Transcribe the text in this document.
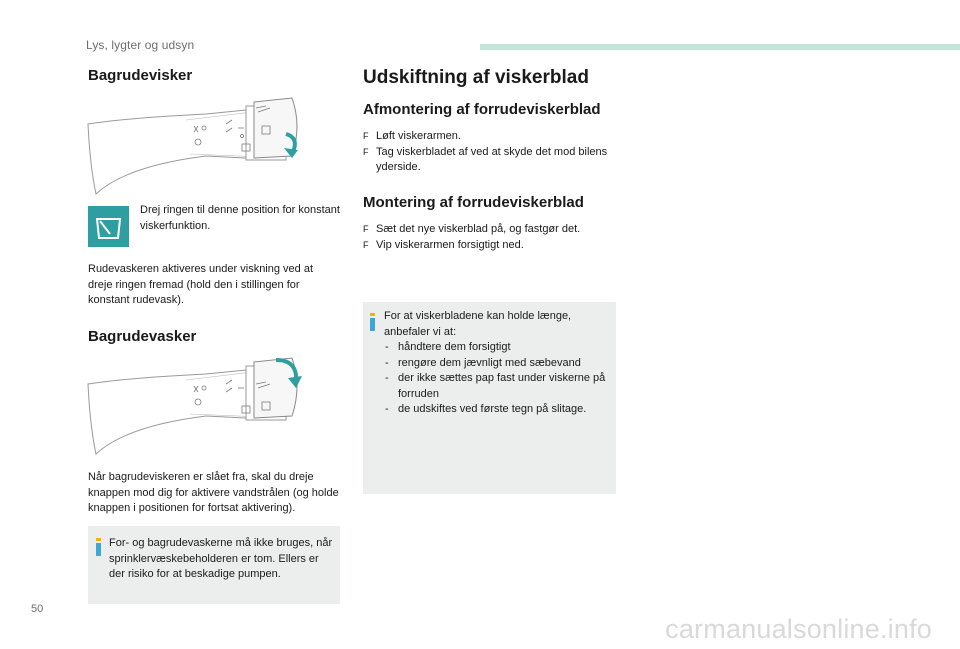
Lys, lygter og udsyn
Bagrudevisker
Drej ringen til denne position for konstant viskerfunktion.
Rudevaskeren aktiveres under viskning ved at dreje ringen fremad (hold den i stillingen for konstant rudevask).
Bagrudevasker
Når bagrudeviskeren er slået fra, skal du dreje knappen mod dig for aktivere vandstrålen (og holde knappen i positionen for fortsat aktivering).
For- og bagrudevaskerne må ikke bruges, når sprinklervæskebeholderen er tom. Ellers er der risiko for at beskadige pumpen.
Udskiftning af viskerblad
Afmontering af forrudeviskerblad
F Løft viskerarmen.
F Tag viskerbladet af ved at skyde det mod bilens yderside.
Montering af forrudeviskerblad
F Sæt det nye viskerblad på, og fastgør det.
F Vip viskerarmen forsigtigt ned.
For at viskerbladene kan holde længe, anbefaler vi at:
- håndtere dem forsigtigt
- rengøre dem jævnligt med sæbevand
- der ikke sættes pap fast under viskerne på forruden
- de udskiftes ved første tegn på slitage.
50
carmanualsonline.info
